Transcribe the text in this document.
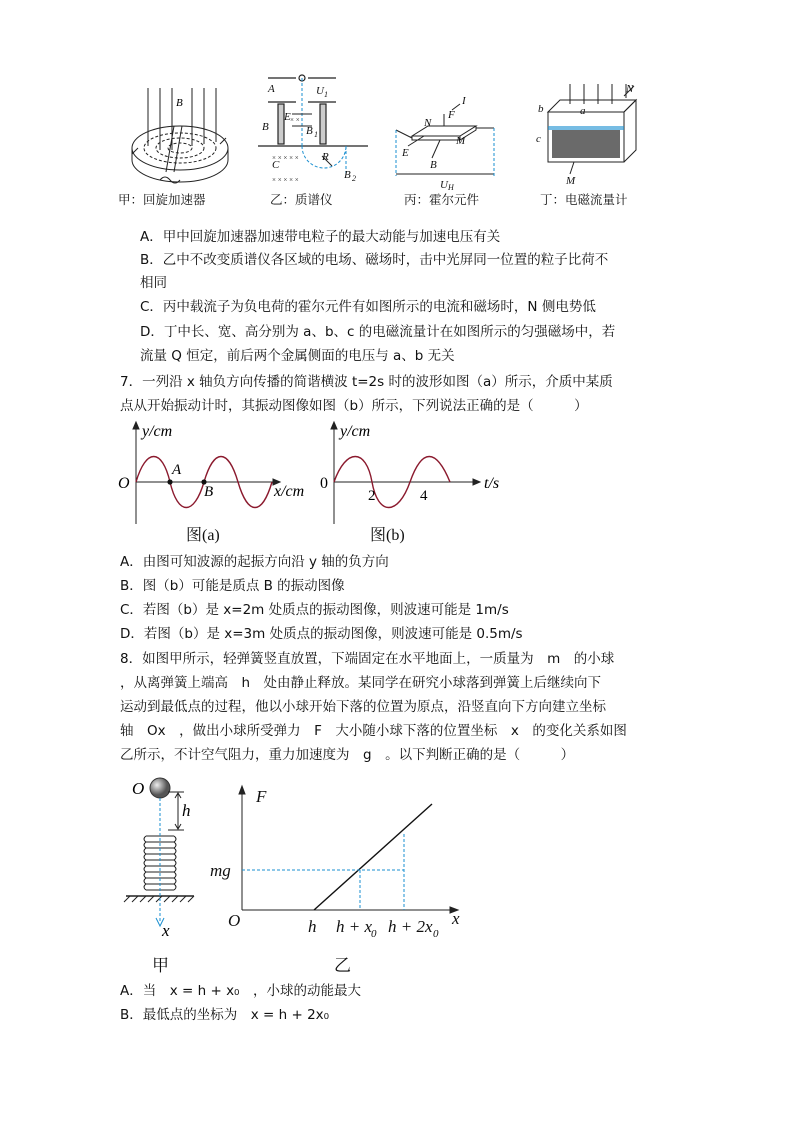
B
甲：回旋加速器
× ×
× × × × ×
× × × × ×
A	U 1
B
E
B 1
C
R
B 2
乙：质谱仪
N
F
I
M
E
B
U H
丙：霍尔元件
N
a
b
c
M
丁：电磁流量计
A．甲中回旋加速器加速带电粒子的最大动能与加速电压有关
B．乙中不改变质谱仪各区域的电场、磁场时，击中光屏同一位置的粒子比荷不
相同
C．丙中载流子为负电荷的霍尔元件有如图所示的电流和磁场时，N 侧电势低
D．丁中长、宽、高分别为 a、b、c 的电磁流量计在如图所示的匀强磁场中，若
流量 Q 恒定，前后两个金属侧面的电压与 a、b 无关
7．一列沿 x 轴负方向传播的简谐横波 t=2s 时的波形如图（a）所示，介质中某质
点从开始振动计时，其振动图像如图（b）所示，下列说法正确的是（　　　）
O
y/cm
x/cm
A
B
图(a)
0
y/cm
t/s
2	4
图(b)
A．由图可知波源的起振方向沿 y 轴的负方向
B．图（b）可能是质点 B 的振动图像
C．若图（b）是 x=2m 处质点的振动图像，则波速可能是 1m/s
D．若图（b）是 x=3m 处质点的振动图像，则波速可能是 0.5m/s
8．如图甲所示，轻弹簧竖直放置，下端固定在水平地面上，一质量为　m　的小球
，从离弹簧上端高　h　处由静止释放。某同学在研究小球落到弹簧上后继续向下
运动到最低点的过程，他以小球开始下落的位置为原点，沿竖直向下方向建立坐标
轴　Ox　，做出小球所受弹力　F　大小随小球下落的位置坐标　x　的变化关系如图
乙所示，不计空气阻力，重力加速度为　g　。以下判断正确的是（　　　）
O
h
x
甲
F
mg
O	h h + x
0 h + 2x 0
x
乙
A．当　x = h + x₀　，小球的动能最大
B．最低点的坐标为　x = h + 2x₀
